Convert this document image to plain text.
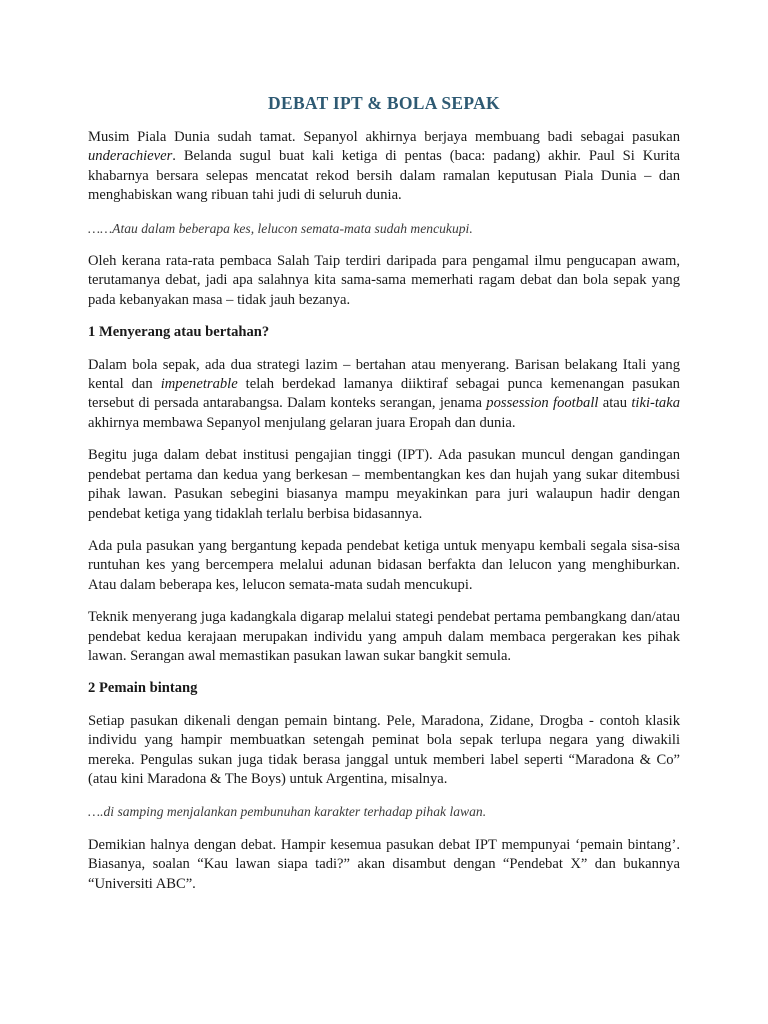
DEBAT IPT & BOLA SEPAK

Musim Piala Dunia sudah tamat. Sepanyol akhirnya berjaya membuang badi sebagai pasukan underachiever. Belanda sugul buat kali ketiga di pentas (baca: padang) akhir. Paul Si Kurita khabarnya bersara selepas mencatat rekod bersih dalam ramalan keputusan Piala Dunia – dan menghabiskan wang ribuan tahi judi di seluruh dunia.

……Atau dalam beberapa kes, lelucon semata-mata sudah mencukupi.

Oleh kerana rata-rata pembaca Salah Taip terdiri daripada para pengamal ilmu pengucapan awam, terutamanya debat, jadi apa salahnya kita sama-sama memerhati ragam debat dan bola sepak yang pada kebanyakan masa – tidak jauh bezanya.

1 Menyerang atau bertahan?

Dalam bola sepak, ada dua strategi lazim – bertahan atau menyerang. Barisan belakang Itali yang kental dan impenetrable telah berdekad lamanya diiktiraf sebagai punca kemenangan pasukan tersebut di persada antarabangsa. Dalam konteks serangan, jenama possession football atau tiki-taka akhirnya membawa Sepanyol menjulang gelaran juara Eropah dan dunia.

Begitu juga dalam debat institusi pengajian tinggi (IPT). Ada pasukan muncul dengan gandingan pendebat pertama dan kedua yang berkesan – membentangkan kes dan hujah yang sukar ditembusi pihak lawan. Pasukan sebegini biasanya mampu meyakinkan para juri walaupun hadir dengan pendebat ketiga yang tidaklah terlalu berbisa bidasannya.

Ada pula pasukan yang bergantung kepada pendebat ketiga untuk menyapu kembali segala sisa-sisa runtuhan kes yang bercempera melalui adunan bidasan berfakta dan lelucon yang menghiburkan. Atau dalam beberapa kes, lelucon semata-mata sudah mencukupi.

Teknik menyerang juga kadangkala digarap melalui stategi pendebat pertama pembangkang dan/atau pendebat kedua kerajaan merupakan individu yang ampuh dalam membaca pergerakan kes pihak lawan. Serangan awal memastikan pasukan lawan sukar bangkit semula.

2 Pemain bintang

Setiap pasukan dikenali dengan pemain bintang. Pele, Maradona, Zidane, Drogba - contoh klasik individu yang hampir membuatkan setengah peminat bola sepak terlupa negara yang diwakili mereka. Pengulas sukan juga tidak berasa janggal untuk memberi label seperti “Maradona & Co” (atau kini Maradona & The Boys) untuk Argentina, misalnya.

….di samping menjalankan pembunuhan karakter terhadap pihak lawan.

Demikian halnya dengan debat. Hampir kesemua pasukan debat IPT mempunyai ‘pemain bintang’. Biasanya, soalan “Kau lawan siapa tadi?” akan disambut dengan “Pendebat X” dan bukannya “Universiti ABC”.
